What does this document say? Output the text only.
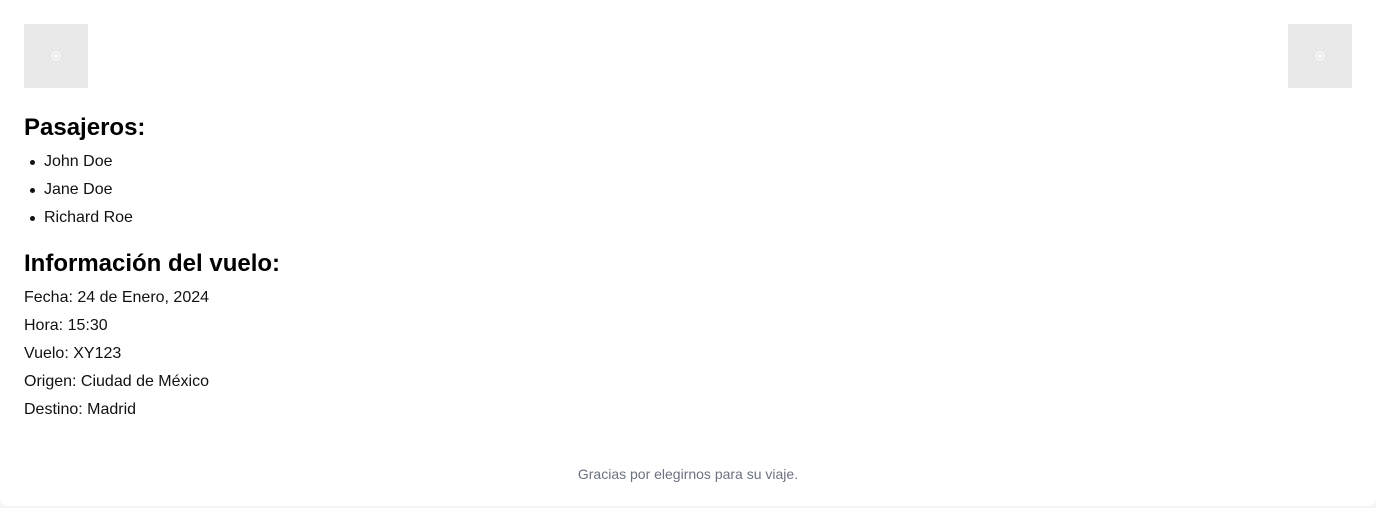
Pasajeros:
John Doe
Jane Doe
Richard Roe
Información del vuelo:
Fecha: 24 de Enero, 2024
Hora: 15:30
Vuelo: XY123
Origen: Ciudad de México
Destino: Madrid
Gracias por elegirnos para su viaje.
